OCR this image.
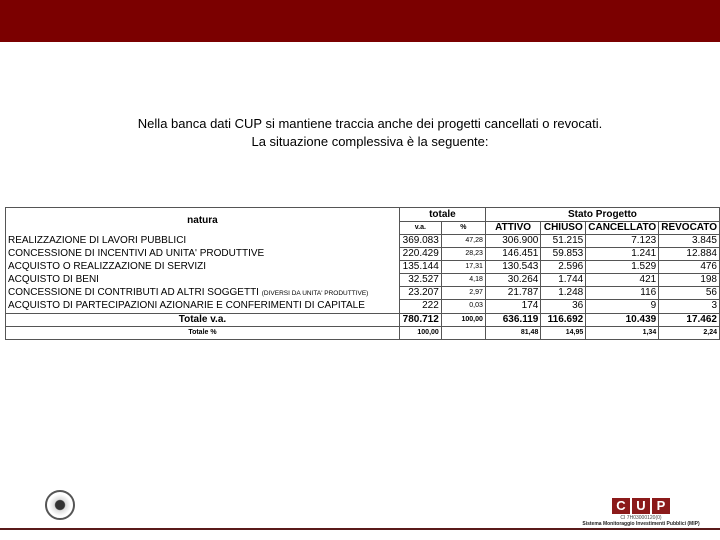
Nella banca dati CUP si mantiene traccia anche dei progetti cancellati o revocati.
La situazione complessiva è la seguente:
natura	totale		Stato Progetto			
	v.a.	%	ATTIVO	CHIUSO	CANCELLATO	REVOCATO
REALIZZAZIONE DI LAVORI PUBBLICI	369.083	47,28	306.900	51.215	7.123	3.845
CONCESSIONE DI INCENTIVI AD UNITA' PRODUTTIVE	220.429	28,23	146.451	59.853	1.241	12.884
ACQUISTO O REALIZZAZIONE DI SERVIZI	135.144	17,31	130.543	2.596	1.529	476
ACQUISTO DI BENI	32.527	4,18	30.264	1.744	421	198
CONCESSIONE DI CONTRIBUTI AD ALTRI SOGGETTI (DIVERSI DA UNITA' PRODUTTIVE)	23.207	2,97	21.787	1.248	116	56
ACQUISTO DI PARTECIPAZIONI AZIONARIE E CONFERIMENTI DI CAPITALE	222	0,03	174	36	9	3
Totale v.a.	780.712	100,00	636.119	116.692	10.439	17.462
Totale %	100,00		81,48	14,95	1,34	2,24

C U P
CI 7H03000120(0)
Sistema Monitoraggio Investimenti Pubblici (MIP)
